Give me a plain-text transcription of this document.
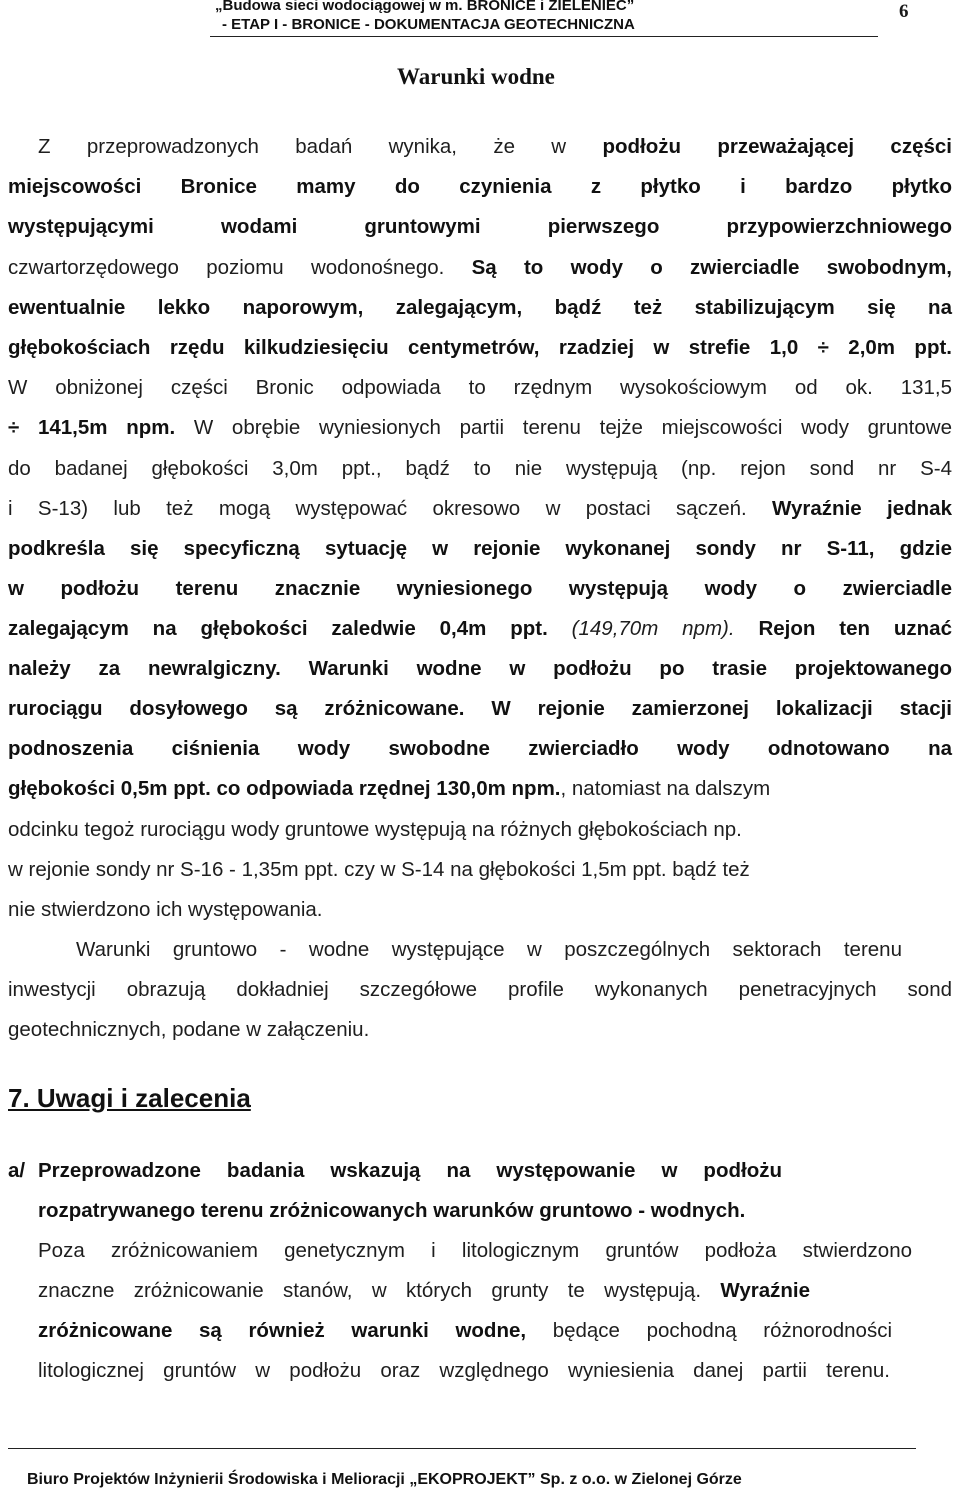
„Budowa sieci wodociągowej w m. BRONICE i ZIELENIEC”
- ETAP I - BRONICE - DOKUMENTACJA GEOTECHNICZNA
6
Warunki wodne
Z przeprowadzonych badań wynika, że w podłożu przeważającej części
miejscowości Bronice mamy do czynienia z płytko i bardzo płytko
występującymi wodami gruntowymi pierwszego przypowierzchniowego
czwartorzędowego poziomu wodonośnego. Są to wody o zwierciadle swobodnym,
ewentualnie lekko naporowym, zalegającym, bądź też stabilizującym się na
głębokościach rzędu kilkudziesięciu centymetrów, rzadziej w strefie 1,0 ÷ 2,0m ppt.
W obniżonej części Bronic odpowiada to rzędnym wysokościowym od ok. 131,5
÷ 141,5m npm. W obrębie wyniesionych partii terenu tejże miejscowości wody gruntowe
do badanej głębokości 3,0m ppt., bądź to nie występują (np. rejon sond nr S-4
i S-13) lub też mogą występować okresowo w postaci sączeń. Wyraźnie jednak
podkreśla się specyficzną sytuację w rejonie wykonanej sondy nr S-11, gdzie
w podłożu terenu znacznie wyniesionego występują wody o zwierciadle
zalegającym na głębokości zaledwie 0,4m ppt. (149,70m npm). Rejon ten uznać
należy za newralgiczny. Warunki wodne w podłożu po trasie projektowanego
rurociągu dosyłowego są zróżnicowane. W rejonie zamierzonej lokalizacji stacji
podnoszenia ciśnienia wody swobodne zwierciadło wody odnotowano na
głębokości 0,5m ppt. co odpowiada rzędnej 130,0m npm., natomiast na dalszym
odcinku tegoż rurociągu wody gruntowe występują na różnych głębokościach np.
w rejonie sondy nr S-16 - 1,35m ppt. czy w S-14 na głębokości 1,5m ppt. bądź też
nie stwierdzono ich występowania.
Warunki gruntowo - wodne występujące w poszczególnych sektorach terenu
inwestycji obrazują dokładniej szczegółowe profile wykonanych penetracyjnych sond
geotechnicznych, podane w załączeniu.
7. Uwagi i zalecenia
a/ Przeprowadzone badania wskazują na występowanie w podłożu
rozpatrywanego terenu zróżnicowanych warunków gruntowo - wodnych.
Poza zróżnicowaniem genetycznym i litologicznym gruntów podłoża stwierdzono
znaczne zróżnicowanie stanów, w których grunty te występują. Wyraźnie
zróżnicowane są również warunki wodne, będące pochodną różnorodności
litologicznej gruntów w podłożu oraz względnego wyniesienia danej partii terenu.
Biuro Projektów Inżynierii Środowiska i Melioracji „EKOPROJEKT” Sp. z o.o. w Zielonej Górze
